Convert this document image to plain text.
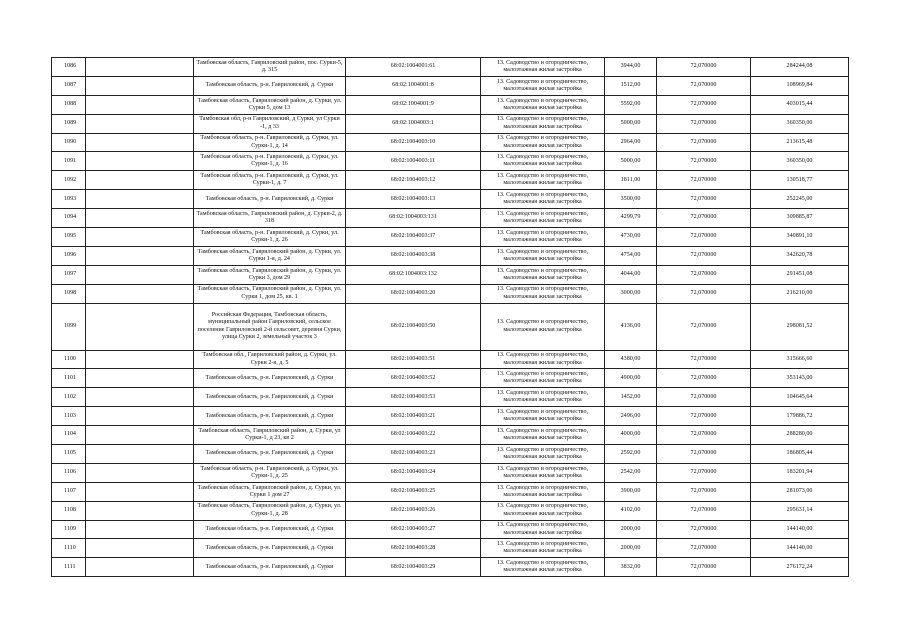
1086		Тамбовская область, Гавриловский район, пос. Сурки-5, д. 315	68:02:1004001:61	13. Садоводство и огородничество, малоэтажная жилая застройка	3944,00	72,070000	284244,08
1087		Тамбовская область, р-н. Гавриловский, д. Сурки	68:02:1004001:8	13. Садоводство и огородничество, малоэтажная жилая застройка	1512,00	72,070000	108969,84
1088		Тамбовская область, Гавриловский район, д. Сурки, ул. Сурки 5, дом 13	68:02:1004001:9	13. Садоводство и огородничество, малоэтажная жилая застройка	5592,00	72,070000	403015,44
1089		Тамбовская обл, р-н Гавриловский, д Сурки, ул Сурки -1, д 33	68:02:1004003:1	13. Садоводство и огородничество, малоэтажная жилая застройка	5000,00	72,070000	360350,00
1090		Тамбовская область, р-н. Гавриловский, д. Сурки, ул. Сурки-1, д. 14	68:02:1004003:10	13. Садоводство и огородничество, малоэтажная жилая застройка	2964,00	72,070000	213615,48
1091		Тамбовская область, р-н. Гавриловский, д. Сурки, ул. Сурки-1, д. 16	68:02:1004003:11	13. Садоводство и огородничество, малоэтажная жилая застройка	5000,00	72,070000	360350,00
1092		Тамбовская область, р-н. Гавриловский, д. Сурки, ул. Сурки-1, д. 7	68:02:1004003:12	13. Садоводство и огородничество, малоэтажная жилая застройка	1811,00	72,070000	130518,77
1093		Тамбовская область, р-н. Гавриловский, д. Сурки	68:02:1004003:13	13. Садоводство и огородничество, малоэтажная жилая застройка	3500,00	72,070000	252245,00
1094		Тамбовская область, Гавриловский район, д. Сурки-2, д. 318	68:02:1004003:131	13. Садоводство и огородничество, малоэтажная жилая застройка	4299,79	72,070000	309885,87
1095		Тамбовская область, р-н. Гавриловский, д. Сурки, ул. Сурки-1, д. 26	68:02:1004003:37	13. Садоводство и огородничество, малоэтажная жилая застройка	4730,00	72,070000	340891,10
1096		Тамбовская область, Гавриловский район, д. Сурки, ул. Сурки 1-я, д. 24	68:02:1004003:38	13. Садоводство и огородничество, малоэтажная жилая застройка	4754,00	72,070000	342620,78
1097		Тамбовская область, Гавриловский район, д. Сурки, ул. Сурки 3, дом 29	68:02:1004003:132	13. Садоводство и огородничество, малоэтажная жилая застройка	4044,00	72,070000	291451,08
1098		Тамбовская область, Гавриловский район, д. Сурки, ул. Сурки 1, дом 25, кв. 1	68:02:1004003:20	13. Садоводство и огородничество, малоэтажная жилая застройка	3000,00	72,070000	216210,00
1099		Российская Федерация, Тамбовская область, муниципальный район Гавриловский, сельское поселение Гавриловский 2-й сельсовет, деревня Сурки, улица Сурки 2, земельный участок 3	68:02:1004003:50	13. Садоводство и огородничество, малоэтажная жилая застройка	4136,00	72,070000	298081,52
1100		Тамбовская обл., Гавриловский район, д. Сурки, ул. Сурки 2-я, д. 5	68:02:1004003:51	13. Садоводство и огородничество, малоэтажная жилая застройка	4380,00	72,070000	315666,60
1101		Тамбовская область, р-н. Гавриловский, д. Сурки	68:02:1004003:52	13. Садоводство и огородничество, малоэтажная жилая застройка	4900,00	72,070000	353143,00
1102		Тамбовская область, р-н. Гавриловский, д. Сурки	68:02:1004003:53	13. Садоводство и огородничество, малоэтажная жилая застройка	1452,00	72,070000	104645,64
1103		Тамбовская область, р-н. Гавриловский, д. Сурки	68:02:1004003:21	13. Садоводство и огородничество, малоэтажная жилая застройка	2496,00	72,070000	179886,72
1104		Тамбовская область, Гавриловский район, д. Сурки, ул Сурки-1, д 23, кв 2	68:02:1004003:22	13. Садоводство и огородничество, малоэтажная жилая застройка	4000,00	72,070000	288280,00
1105		Тамбовская область, р-н. Гавриловский, д. Сурки	68:02:1004003:23	13. Садоводство и огородничество, малоэтажная жилая застройка	2592,00	72,070000	186805,44
1106		Тамбовская область, р-н. Гавриловский, д. Сурки, ул. Сурки-1, д. 25	68:02:1004003:24	13. Садоводство и огородничество, малоэтажная жилая застройка	2542,00	72,070000	183201,94
1107		Тамбовская область, Гавриловский район, д. Сурки, ул. Сурки 1 дом 27	68:02:1004003:25	13. Садоводство и огородничество, малоэтажная жилая застройка	3900,00	72,070000	281073,00
1108		Тамбовская область, Гавриловский район, д. Сурки, ул. Сурки-1, д. 28	68:02:1004003:26	13. Садоводство и огородничество, малоэтажная жилая застройка	4102,00	72,070000	295631,14
1109		Тамбовская область, р-н. Гавриловский, д. Сурки	68:02:1004003:27	13. Садоводство и огородничество, малоэтажная жилая застройка	2000,00	72,070000	144140,00
1110		Тамбовская область, р-н. Гавриловский, д. Сурки	68:02:1004003:28	13. Садоводство и огородничество, малоэтажная жилая застройка	2000,00	72,070000	144140,00
1111		Тамбовская область, р-н. Гавриловский, д. Сурки	68:02:1004003:29	13. Садоводство и огородничество, малоэтажная жилая застройка	3832,00	72,070000	276172,24
